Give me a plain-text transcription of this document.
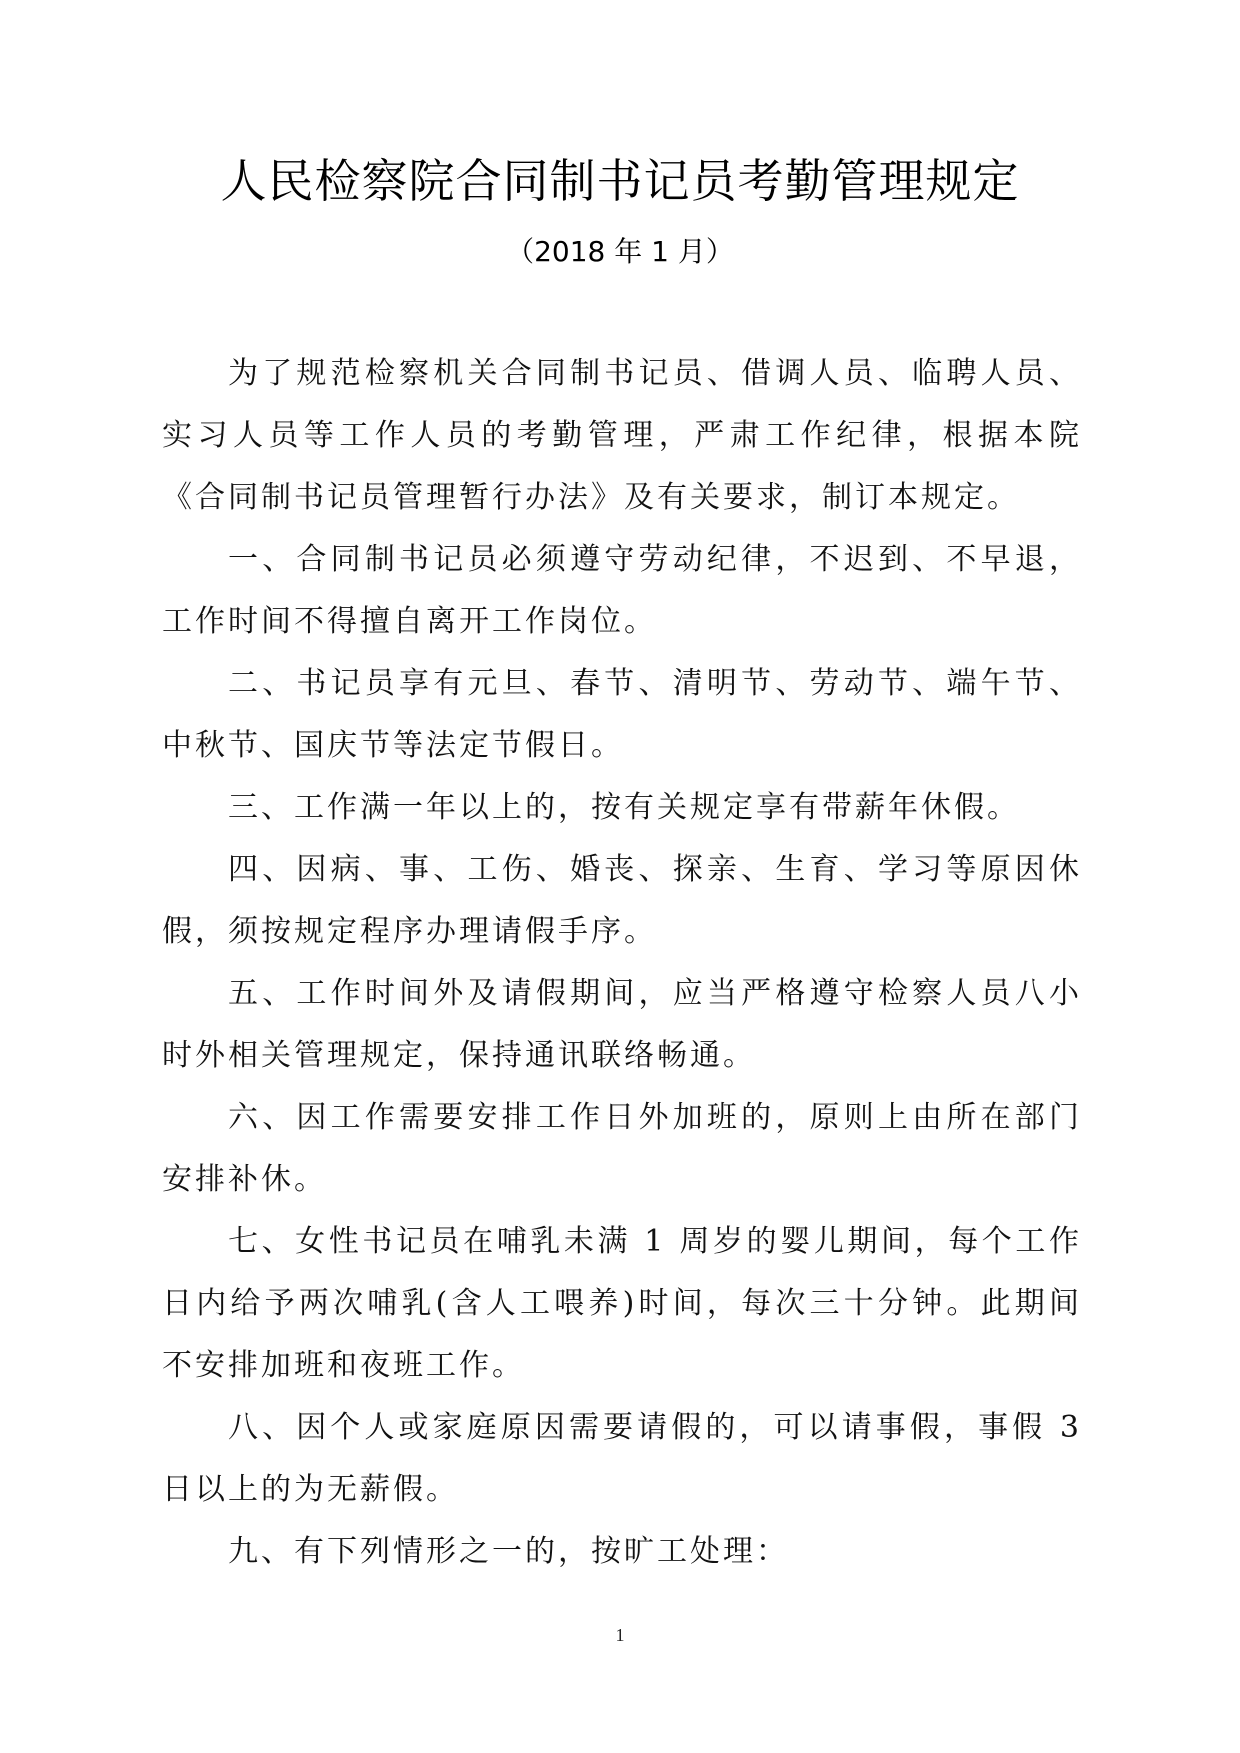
人民检察院合同制书记员考勤管理规定
（2018 年 1 月）

为了规范检察机关合同制书记员、借调人员、临聘人员、实习人员等工作人员的考勤管理，严肃工作纪律，根据本院《合同制书记员管理暂行办法》及有关要求，制订本规定。

一、合同制书记员必须遵守劳动纪律，不迟到、不早退，工作时间不得擅自离开工作岗位。

二、书记员享有元旦、春节、清明节、劳动节、端午节、中秋节、国庆节等法定节假日。

三、工作满一年以上的，按有关规定享有带薪年休假。

四、因病、事、工伤、婚丧、探亲、生育、学习等原因休假，须按规定程序办理请假手序。

五、工作时间外及请假期间，应当严格遵守检察人员八小时外相关管理规定，保持通讯联络畅通。

六、因工作需要安排工作日外加班的，原则上由所在部门安排补休。

七、女性书记员在哺乳未满 1 周岁的婴儿期间，每个工作日内给予两次哺乳(含人工喂养)时间，每次三十分钟。此期间不安排加班和夜班工作。

八、因个人或家庭原因需要请假的，可以请事假，事假 3 日以上的为无薪假。

九、有下列情形之一的，按旷工处理：

1
